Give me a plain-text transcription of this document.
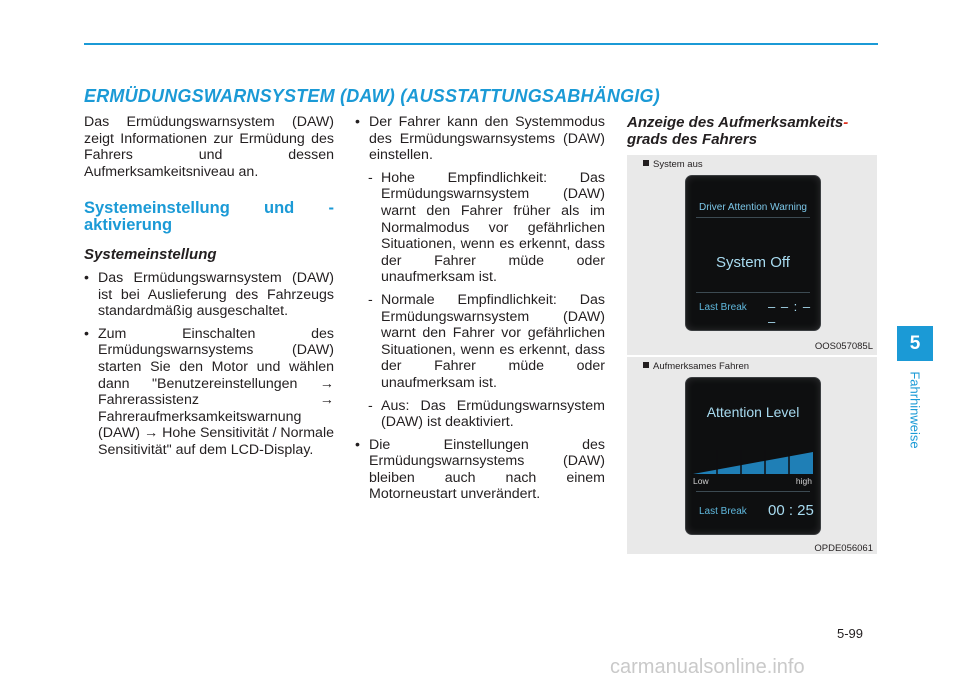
ERMÜDUNGSWARNSYSTEM (DAW) (AUSSTATTUNGSABHÄNGIG)

Das Ermüdungswarnsystem (DAW) zeigt Informationen zur Ermüdung des Fahrers und dessen Aufmerksamkeitsniveau an.

Systemeinstellung und - aktivierung

Systemeinstellung

• Das Ermüdungswarnsystem (DAW) ist bei Auslieferung des Fahrzeugs standardmäßig ausgeschaltet.

• Zum Einschalten des Ermüdungswarnsystems (DAW) starten Sie den Motor und wählen dann "Benutzereinstellungen → Fahrerassistenz → Fahreraufmerksamkeitswarnung (DAW) → Hohe Sensitivität / Normale Sensitivität" auf dem LCD-Display.

• Der Fahrer kann den Systemmodus des Ermüdungswarnsystems (DAW) einstellen.

- Hohe Empfindlichkeit: Das Ermüdungswarnsystem (DAW) warnt den Fahrer früher als im Normalmodus vor gefährlichen Situationen, wenn es erkennt, dass der Fahrer müde oder unaufmerksam ist.

- Normale Empfindlichkeit: Das Ermüdungswarnsystem (DAW) warnt den Fahrer vor gefährlichen Situationen, wenn es erkennt, dass der Fahrer müde oder unaufmerksam ist.

- Aus: Das Ermüdungswarnsystem (DAW) ist deaktiviert.

• Die Einstellungen des Ermüdungswarnsystems (DAW) bleiben auch nach einem Motorneustart unverändert.

Anzeige des Aufmerksamkeits-
grads des Fahrers

System aus
Driver Attention Warning
System Off
Last Break – – : – –
OOS057085L
Aufmerksames Fahren
Attention Level
Low	high
Last Break 00 : 25
OPDE056061
5
Fahrhinweise
5-99
carmanualsonline.info
